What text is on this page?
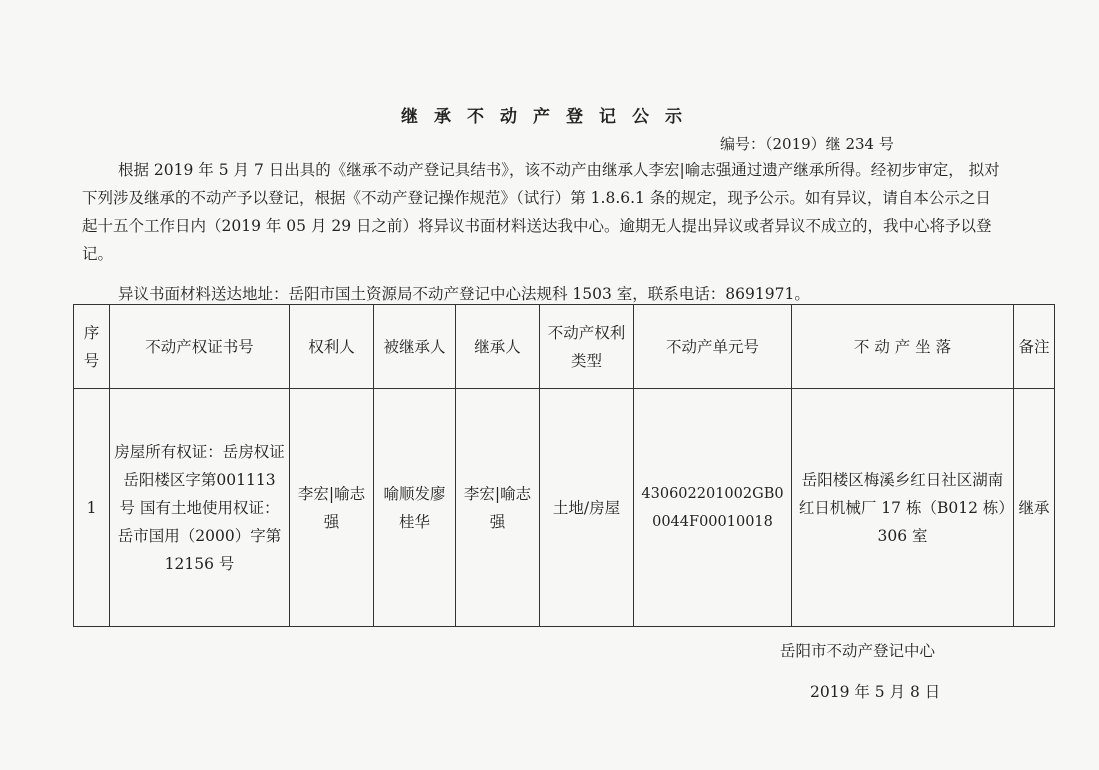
继承不动产登记公示
编号：（2019）继 234 号

根据 2019 年 5 月 7 日出具的《继承不动产登记具结书》，该不动产由继承人李宏|喻志强通过遗产继承所得。经初步审定， 拟对下列涉及继承的不动产予以登记，根据《不动产登记操作规范》（试行）第 1.8.6.1 条的规定，现予公示。如有异议，请自本公示之日起十五个工作日内（2019 年 05 月 29 日之前）将异议书面材料送达我中心。逾期无人提出异议或者异议不成立的，我中心将予以登记。

异议书面材料送达地址：岳阳市国土资源局不动产登记中心法规科 1503 室，联系电话：8691971。
序号	不动产权证书号	权利人	被继承人	继承人	不动产权利类型	不动产单元号	不 动 产 坐 落	备注
1	房屋所有权证：岳房权证岳阳楼区字第001113 号 国有土地使用权证：岳市国用（2000）字第 12156 号	李宏|喻志强	喻顺发廖桂华	李宏|喻志强	土地/房屋	430602201002GB00044F00010018	岳阳楼区梅溪乡红日社区湖南红日机械厂 17 栋（B012 栋）306 室	继承
岳阳市不动产登记中心
2019 年 5 月 8 日
